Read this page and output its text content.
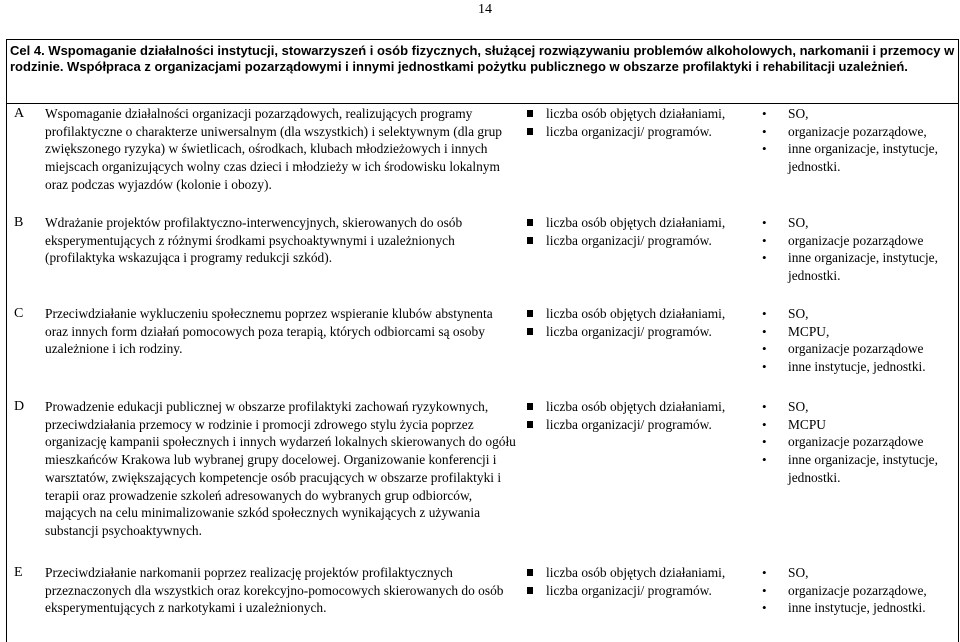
14
Cel 4. Wspomaganie działalności instytucji, stowarzyszeń i osób fizycznych, służącej rozwiązywaniu problemów alkoholowych, narkomanii i przemocy w rodzinie. Współpraca z organizacjami pozarządowymi i innymi jednostkami pożytku publicznego w obszarze profilaktyki i rehabilitacji uzależnień.
A Wspomaganie działalności organizacji pozarządowych, realizujących programy profilaktyczne o charakterze uniwersalnym (dla wszystkich) i selektywnym (dla grup zwiększonego ryzyka) w świetlicach, ośrodkach, klubach młodzieżowych i innych miejscach organizujących wolny czas dzieci i młodzieży w ich środowisku lokalnym oraz podczas wyjazdów (kolonie i obozy).
liczba osób objętych działaniami,
liczba organizacji/ programów.
• SO,
• organizacje pozarządowe,
• inne organizacje, instytucje, jednostki.
B Wdrażanie projektów profilaktyczno-interwencyjnych, skierowanych do osób eksperymentujących z różnymi środkami psychoaktywnymi i uzależnionych (profilaktyka wskazująca i programy redukcji szkód).
liczba osób objętych działaniami,
liczba organizacji/ programów.
• SO,
• organizacje pozarządowe
• inne organizacje, instytucje, jednostki.
C Przeciwdziałanie wykluczeniu społecznemu poprzez wspieranie klubów abstynenta oraz innych form działań pomocowych poza terapią, których odbiorcami są osoby uzależnione i ich rodziny.
liczba osób objętych działaniami,
liczba organizacji/ programów.
• SO,
• MCPU,
• organizacje pozarządowe
• inne instytucje, jednostki.
D Prowadzenie edukacji publicznej w obszarze profilaktyki zachowań ryzykownych, przeciwdziałania przemocy w rodzinie i promocji zdrowego stylu życia poprzez organizację kampanii społecznych i innych wydarzeń lokalnych skierowanych do ogółu mieszkańców Krakowa lub wybranej grupy docelowej. Organizowanie konferencji i warsztatów, zwiększających kompetencje osób pracujących w obszarze profilaktyki i terapii oraz prowadzenie szkoleń adresowanych do wybranych grup odbiorców, mających na celu minimalizowanie szkód społecznych wynikających z używania substancji psychoaktywnych.
liczba osób objętych działaniami,
liczba organizacji/ programów.
• SO,
• MCPU
• organizacje pozarządowe
• inne organizacje, instytucje, jednostki.
E Przeciwdziałanie narkomanii poprzez realizację projektów profilaktycznych przeznaczonych dla wszystkich oraz korekcyjno-pomocowych skierowanych do osób eksperymentujących z narkotykami i uzależnionych.
liczba osób objętych działaniami,
liczba organizacji/ programów.
• SO,
• organizacje pozarządowe,
• inne instytucje, jednostki.
